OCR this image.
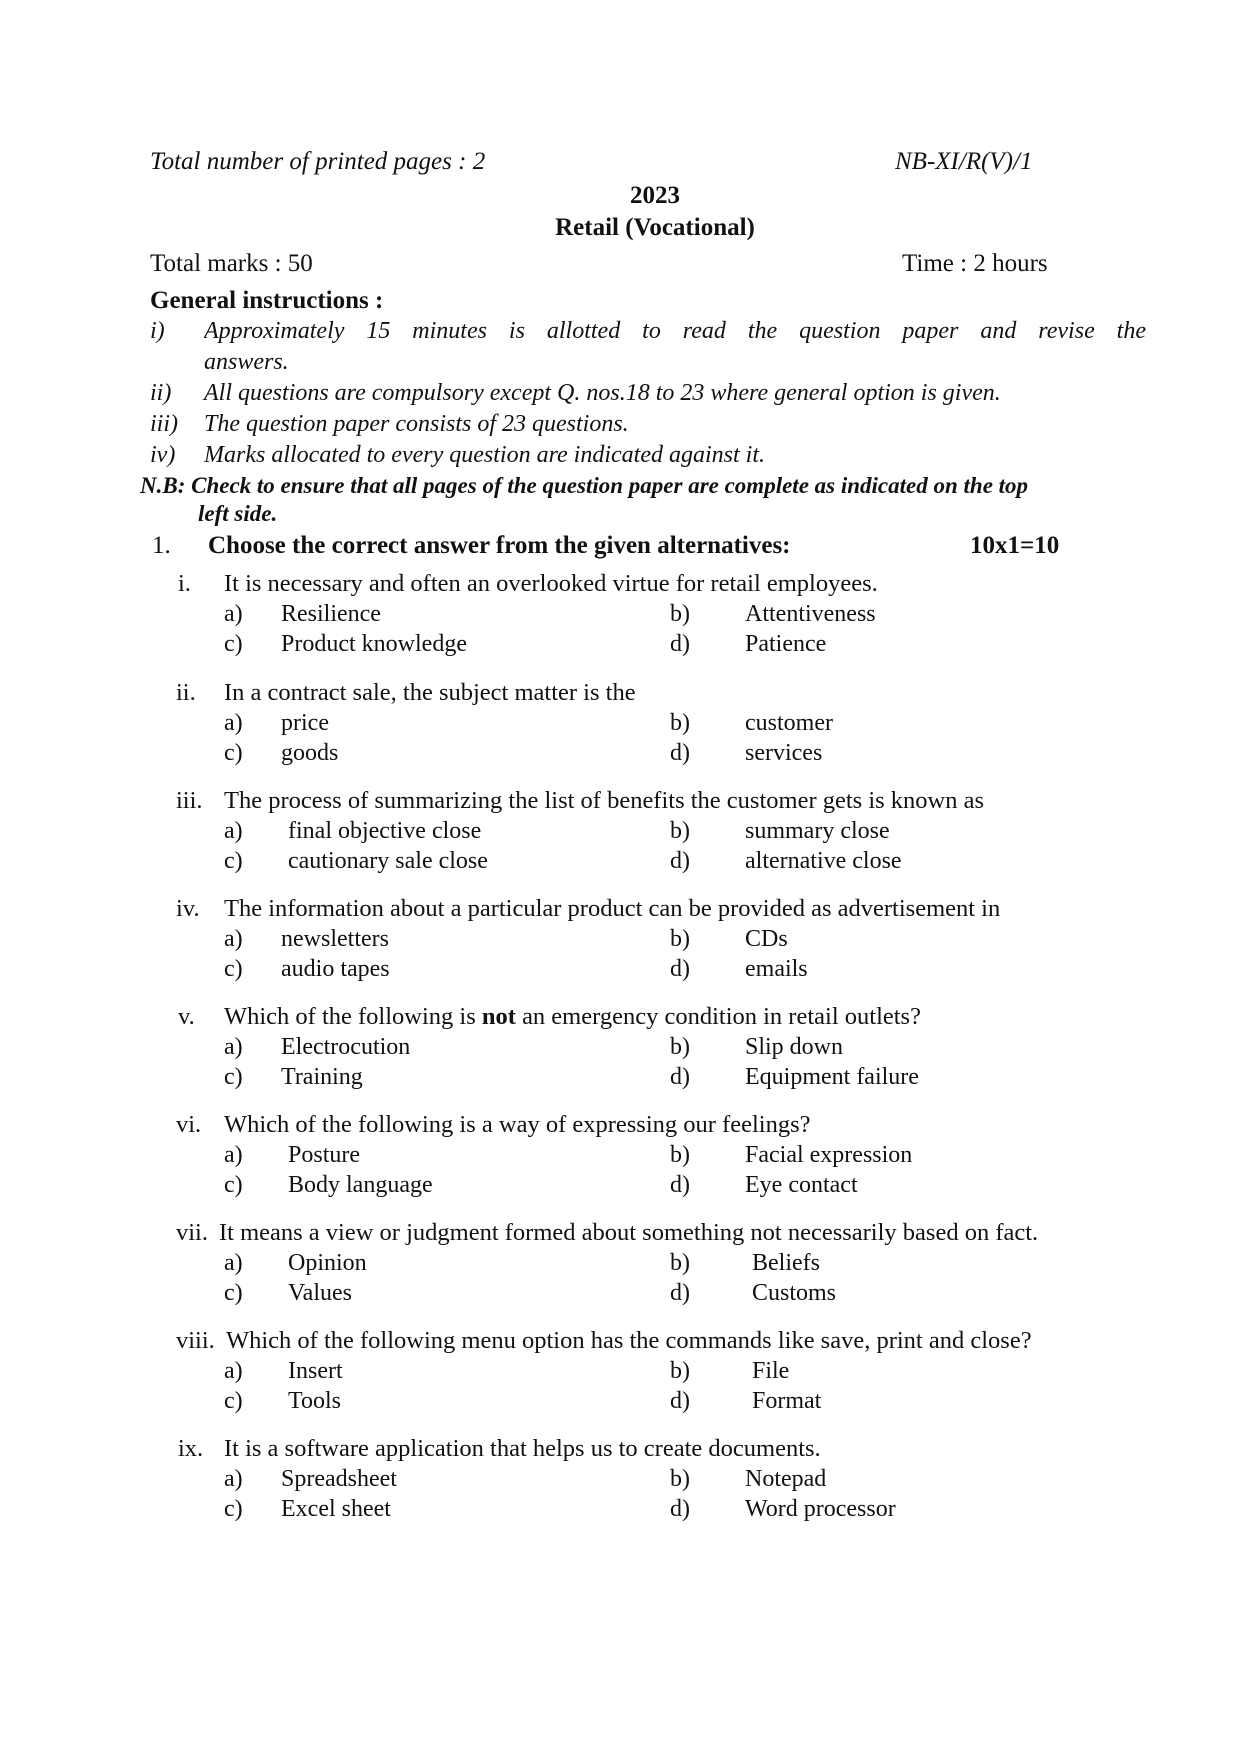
Total number of printed pages : 2	NB-XI/R(V)/1
2023
Retail (Vocational)
Total marks : 50	Time : 2 hours
General instructions :
i) Approximately 15 minutes is allotted to read the question paper and revise the
answers.
ii) All questions are compulsory except Q. nos.18 to 23 where general option is given.
iii) The question paper consists of 23 questions.
iv) Marks allocated to every question are indicated against it.
N.B: Check to ensure that all pages of the question paper are complete as indicated on the top
left side.
1. Choose the correct answer from the given alternatives:	10x1=10
i. It is necessary and often an overlooked virtue for retail employees.
a) Resilience	b) Attentiveness
c) Product knowledge	d) Patience
ii. In a contract sale, the subject matter is the
a) price	b) customer
c) goods	d) services
iii. The process of summarizing the list of benefits the customer gets is known as
a) final objective close	b) summary close
c) cautionary sale close	d) alternative close
iv. The information about a particular product can be provided as advertisement in
a) newsletters	b) CDs
c) audio tapes	d) emails
v. Which of the following is not an emergency condition in retail outlets?
a) Electrocution	b) Slip down
c) Training	d) Equipment failure
vi. Which of the following is a way of expressing our feelings?
a) Posture	b) Facial expression
c) Body language	d) Eye contact
vii. It means a view or judgment formed about something not necessarily based on fact.
a) Opinion	b)	Beliefs
c) Values	d)	Customs
viii. Which of the following menu option has the commands like save, print and close?
a) Insert	b)	File
c) Tools	d)	Format
ix. It is a software application that helps us to create documents.
a) Spreadsheet	b) Notepad
c) Excel sheet	d) Word processor
